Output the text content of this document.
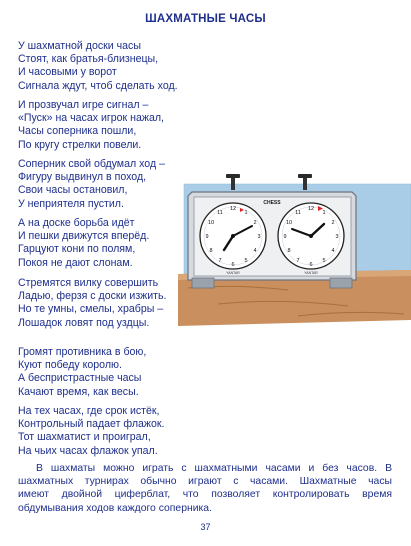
ШАХМАТНЫЕ ЧАСЫ
У шахматной доски часы
Стоят, как братья-близнецы,
И часовыми у ворот
Сигнала ждут, чтоб сделать ход.
И прозвучал игре сигнал –
«Пуск» на часах игрок нажал,
Часы соперника пошли,
По кругу стрелки повели.
Соперник свой обдумал ход –
Фигуру выдвинул в поход,
Свои часы остановил,
У неприятеля пустил.
А на доске борьба идёт
И пешки движутся вперёд.
Гарцуют кони по полям,
Покоя не дают слонам.
Стремятся вилку совершить
Ладью, ферзя с доски изжить.
Но те умны, смелы, храбры –
Лошадок ловят под уздцы.
Громят противника в бою,
Куют победу королю.
А беспристрастные часы
Качают время, как весы.
На тех часах, где срок истёк,
Контрольный падает флажок.
Тот шахматист и проиграл,
На чьих часах флажок упал.
CHESS
12
1
2
3
4
5
6
7
8
9
10
11
YANTAR
12
1
2
3
4
5
6
7
8
9
10
11
YANTAR
В шахматы можно играть с шахматными часами и без часов. В
шахматных турнирах обычно играют с часами. Шахматные часы
имеют двойной циферблат, что позволяет контролировать время
обдумывания ходов каждого соперника.
37
